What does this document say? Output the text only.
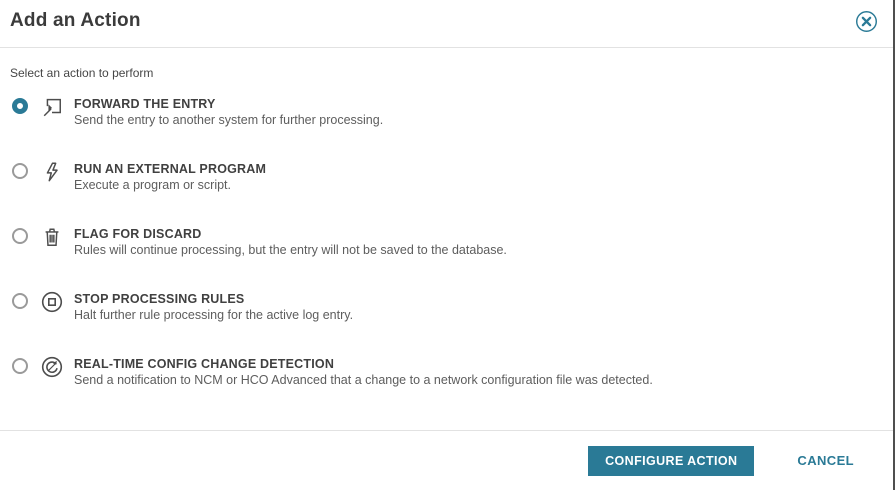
Add an Action
Select an action to perform
FORWARD THE ENTRY
Send the entry to another system for further processing.
RUN AN EXTERNAL PROGRAM
Execute a program or script.
FLAG FOR DISCARD
Rules will continue processing, but the entry will not be saved to the database.
STOP PROCESSING RULES
Halt further rule processing for the active log entry.
REAL-TIME CONFIG CHANGE DETECTION
Send a notification to NCM or HCO Advanced that a change to a network configuration file was detected.
CONFIGURE ACTION	CANCEL
